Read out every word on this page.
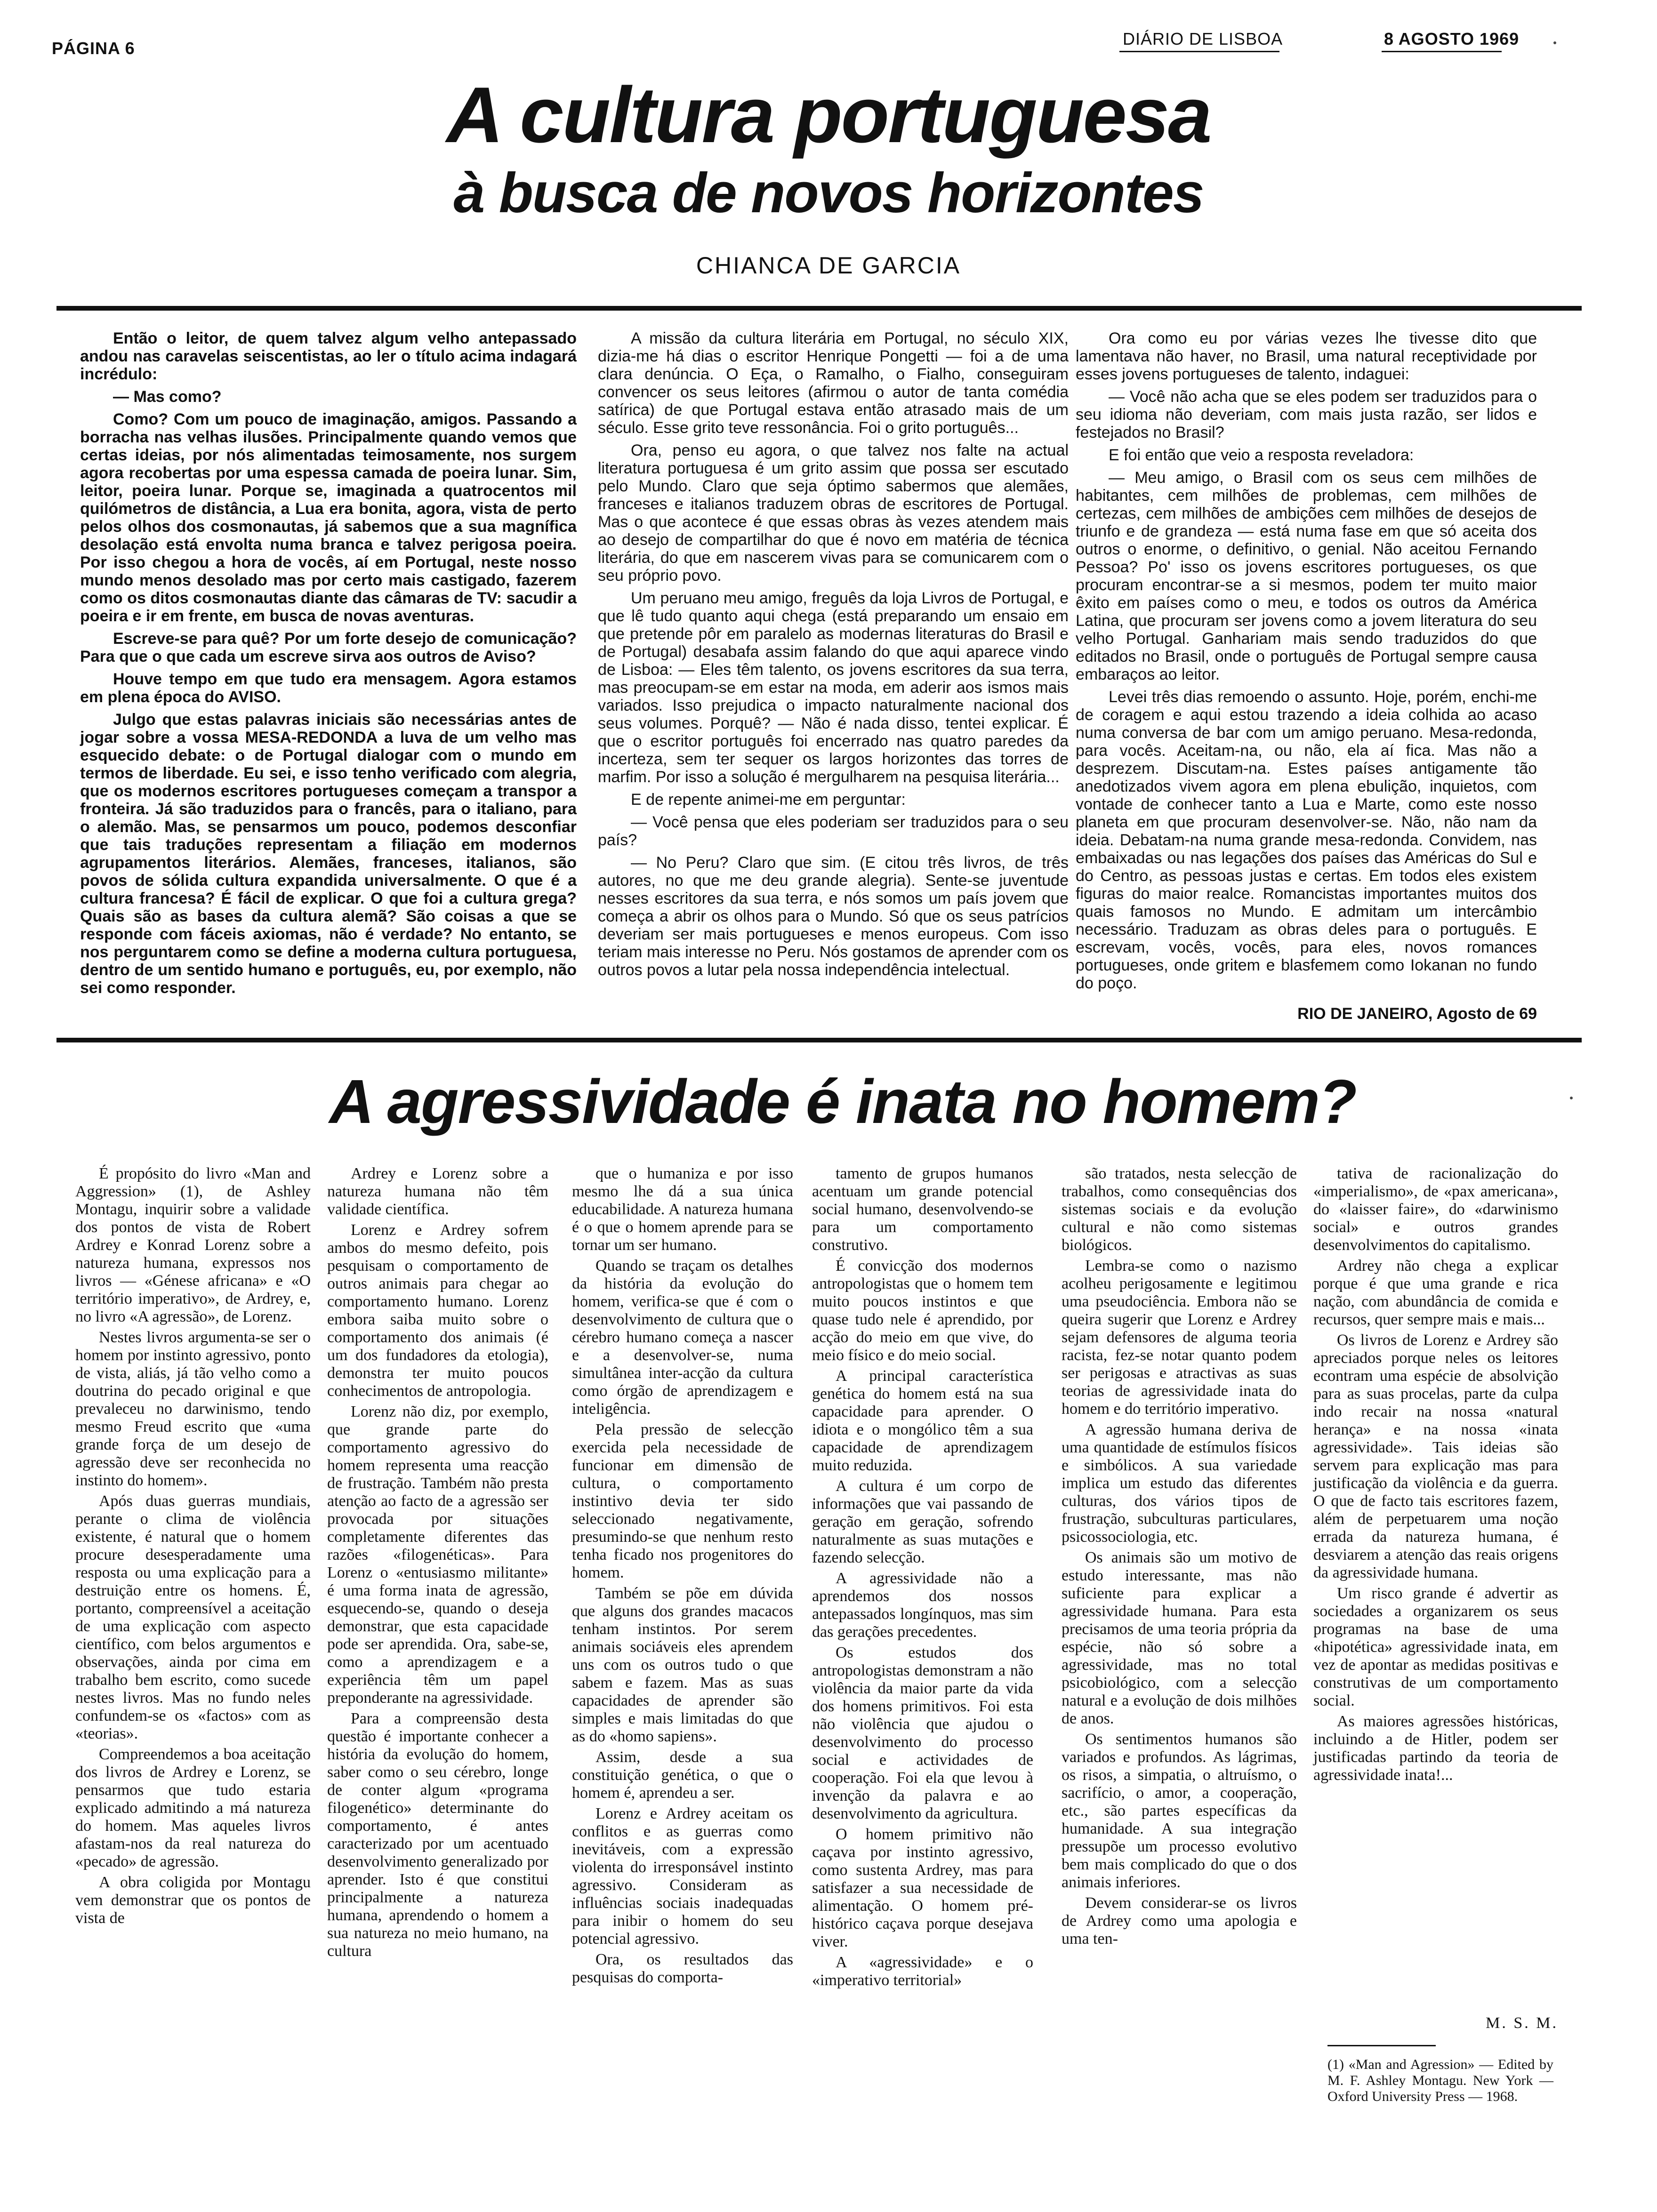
PÁGINA 6	DIÁRIO DE LISBOA	8 AGOSTO 1969
A cultura portuguesa
à busca de novos horizontes
CHIANCA DE GARCIA

Então o leitor, de quem talvez algum velho antepassado andou nas caravelas seiscentistas, ao ler o título acima indagará incrédulo:

— Mas como?

Como? Com um pouco de imaginação, amigos. Passando a borracha nas velhas ilusões. Principalmente quando vemos que certas ideias, por nós alimentadas teimosamente, nos surgem agora recobertas por uma espessa camada de poeira lunar. Sim, leitor, poeira lunar. Porque se, imaginada a quatrocentos mil quilómetros de distância, a Lua era bonita, agora, vista de perto pelos olhos dos cosmonautas, já sabemos que a sua magnífica desolação está envolta numa branca e talvez perigosa poeira. Por isso chegou a hora de vocês, aí em Portugal, neste nosso mundo menos desolado mas por certo mais castigado, fazerem como os ditos cosmonautas diante das câmaras de TV: sacudir a poeira e ir em frente, em busca de novas aventuras.

Escreve-se para quê? Por um forte desejo de comunicação? Para que o que cada um escreve sirva aos outros de Aviso?

Houve tempo em que tudo era mensagem. Agora estamos em plena época do AVISO.

Julgo que estas palavras iniciais são necessárias antes de jogar sobre a vossa MESA-REDONDA a luva de um velho mas esquecido debate: o de Portugal dialogar com o mundo em termos de liberdade. Eu sei, e isso tenho verificado com alegria, que os modernos escritores portugueses começam a transpor a fronteira. Já são traduzidos para o francês, para o italiano, para o alemão. Mas, se pensarmos um pouco, podemos desconfiar que tais traduções representam a filiação em modernos agrupamentos literários. Alemães, franceses, italianos, são povos de sólida cultura expandida universalmente. O que é a cultura francesa? É fácil de explicar. O que foi a cultura grega? Quais são as bases da cultura alemã? São coisas a que se responde com fáceis axiomas, não é verdade? No entanto, se nos perguntarem como se define a moderna cultura portuguesa, dentro de um sentido humano e português, eu, por exemplo, não sei como responder.

A missão da cultura literária em Portugal, no século XIX, dizia-me há dias o escritor Henrique Pongetti — foi a de uma clara denúncia. O Eça, o Ramalho, o Fialho, conseguiram convencer os seus leitores (afirmou o autor de tanta comédia satírica) de que Portugal estava então atrasado mais de um século. Esse grito teve ressonância. Foi o grito português...

Ora, penso eu agora, o que talvez nos falte na actual literatura portuguesa é um grito assim que possa ser escutado pelo Mundo. Claro que seja óptimo sabermos que alemães, franceses e italianos traduzem obras de escritores de Portugal. Mas o que acontece é que essas obras às vezes atendem mais ao desejo de compartilhar do que é novo em matéria de técnica literária, do que em nascerem vivas para se comunicarem com o seu próprio povo.

Um peruano meu amigo, freguês da loja Livros de Portugal, e que lê tudo quanto aqui chega (está preparando um ensaio em que pretende pôr em paralelo as modernas literaturas do Brasil e de Portugal) desabafa assim falando do que aqui aparece vindo de Lisboa: — Eles têm talento, os jovens escritores da sua terra, mas preocupam-se em estar na moda, em aderir aos ismos mais variados. Isso prejudica o impacto naturalmente nacional dos seus volumes. Porquê? — Não é nada disso, tentei explicar. É que o escritor português foi encerrado nas quatro paredes da incerteza, sem ter sequer os largos horizontes das torres de marfim. Por isso a solução é mergulharem na pesquisa literária...

E de repente animei-me em perguntar:

— Você pensa que eles poderiam ser traduzidos para o seu país?

— No Peru? Claro que sim. (E citou três livros, de três autores, no que me deu grande alegria). Sente-se juventude nesses escritores da sua terra, e nós somos um país jovem que começa a abrir os olhos para o Mundo. Só que os seus patrícios deveriam ser mais portugueses e menos europeus. Com isso teriam mais interesse no Peru. Nós gostamos de aprender com os outros povos a lutar pela nossa independência intelectual.

Ora como eu por várias vezes lhe tivesse dito que lamentava não haver, no Brasil, uma natural receptividade por esses jovens portugueses de talento, indaguei:

— Você não acha que se eles podem ser traduzidos para o seu idioma não deveriam, com mais justa razão, ser lidos e festejados no Brasil?

E foi então que veio a resposta reveladora:

— Meu amigo, o Brasil com os seus cem milhões de habitantes, cem milhões de problemas, cem milhões de certezas, cem milhões de ambições cem milhões de desejos de triunfo e de grandeza — está numa fase em que só aceita dos outros o enorme, o definitivo, o genial. Não aceitou Fernando Pessoa? Po' isso os jovens escritores portugueses, os que procuram encontrar-se a si mesmos, podem ter muito maior êxito em países como o meu, e todos os outros da América Latina, que procuram ser jovens como a jovem literatura do seu velho Portugal. Ganhariam mais sendo traduzidos do que editados no Brasil, onde o português de Portugal sempre causa embaraços ao leitor.

Levei três dias remoendo o assunto. Hoje, porém, enchi-me de coragem e aqui estou trazendo a ideia colhida ao acaso numa conversa de bar com um amigo peruano. Mesa-redonda, para vocês. Aceitam-na, ou não, ela aí fica. Mas não a desprezem. Discutam-na. Estes países antigamente tão anedotizados vivem agora em plena ebulição, inquietos, com vontade de conhecer tanto a Lua e Marte, como este nosso planeta em que procuram desenvolver-se. Não, não nam da ideia. Debatam-na numa grande mesa-redonda. Convidem, nas embaixadas ou nas legações dos países das Américas do Sul e do Centro, as pessoas justas e certas. Em todos eles existem figuras do maior realce. Romancistas importantes muitos dos quais famosos no Mundo. E admitam um intercâmbio necessário. Traduzam as obras deles para o português. E escrevam, vocês, vocês, para eles, novos romances portugueses, onde gritem e blasfemem como Iokanan no fundo do poço.

RIO DE JANEIRO, Agosto de 69
A agressividade é inata no homem?

É propósito do livro «Man and Aggression» (1), de Ashley Montagu, inquirir sobre a validade dos pontos de vista de Robert Ardrey e Konrad Lorenz sobre a natureza humana, expressos nos livros — «Génese africana» e «O território imperativo», de Ardrey, e, no livro «A agressão», de Lorenz.

Nestes livros argumenta-se ser o homem por instinto agressivo, ponto de vista, aliás, já tão velho como a doutrina do pecado original e que prevaleceu no darwinismo, tendo mesmo Freud escrito que «uma grande força de um desejo de agressão deve ser reconhecida no instinto do homem».

Após duas guerras mundiais, perante o clima de violência existente, é natural que o homem procure desesperadamente uma resposta ou uma explicação para a destruição entre os homens. É, portanto, compreensível a aceitação de uma explicação com aspecto científico, com belos argumentos e observações, ainda por cima em trabalho bem escrito, como sucede nestes livros. Mas no fundo neles confundem-se os «factos» com as «teorias».

Compreendemos a boa aceitação dos livros de Ardrey e Lorenz, se pensarmos que tudo estaria explicado admitindo a má natureza do homem. Mas aqueles livros afastam-nos da real natureza do «pecado» de agressão.

A obra coligida por Montagu vem demonstrar que os pontos de vista de

Ardrey e Lorenz sobre a natureza humana não têm validade científica.

Lorenz e Ardrey sofrem ambos do mesmo defeito, pois pesquisam o comportamento de outros animais para chegar ao comportamento humano. Lorenz embora saiba muito sobre o comportamento dos animais (é um dos fundadores da etologia), demonstra ter muito poucos conhecimentos de antropologia.

Lorenz não diz, por exemplo, que grande parte do comportamento agressivo do homem representa uma reacção de frustração. Também não presta atenção ao facto de a agressão ser provocada por situações completamente diferentes das razões «filogenéticas». Para Lorenz o «entusiasmo militante» é uma forma inata de agressão, esquecendo-se, quando o deseja demonstrar, que esta capacidade pode ser aprendida. Ora, sabe-se, como a aprendizagem e a experiência têm um papel preponderante na agressividade.

Para a compreensão desta questão é importante conhecer a história da evolução do homem, saber como o seu cérebro, longe de conter algum «programa filogenético» determinante do comportamento, é antes caracterizado por um acentuado desenvolvimento generalizado por aprender. Isto é que constitui principalmente a natureza humana, aprendendo o homem a sua natureza no meio humano, na cultura

que o humaniza e por isso mesmo lhe dá a sua única educabilidade. A natureza humana é o que o homem aprende para se tornar um ser humano.

Quando se traçam os detalhes da história da evolução do homem, verifica-se que é com o desenvolvimento de cultura que o cérebro humano começa a nascer e a desenvolver-se, numa simultânea inter-acção da cultura como órgão de aprendizagem e inteligência.

Pela pressão de selecção exercida pela necessidade de funcionar em dimensão de cultura, o comportamento instintivo devia ter sido seleccionado negativamente, presumindo-se que nenhum resto tenha ficado nos progenitores do homem.

Também se põe em dúvida que alguns dos grandes macacos tenham instintos. Por serem animais sociáveis eles aprendem uns com os outros tudo o que sabem e fazem. Mas as suas capacidades de aprender são simples e mais limitadas do que as do «homo sapiens».

Assim, desde a sua constituição genética, o que o homem é, aprendeu a ser.

Lorenz e Ardrey aceitam os conflitos e as guerras como inevitáveis, com a expressão violenta do irresponsável instinto agressivo. Consideram as influências sociais inadequadas para inibir o homem do seu potencial agressivo.

Ora, os resultados das pesquisas do comporta-

tamento de grupos humanos acentuam um grande potencial social humano, desenvolvendo-se para um comportamento construtivo.

É convicção dos modernos antropologistas que o homem tem muito poucos instintos e que quase tudo nele é aprendido, por acção do meio em que vive, do meio físico e do meio social.

A principal característica genética do homem está na sua capacidade para aprender. O idiota e o mongólico têm a sua capacidade de aprendizagem muito reduzida.

A cultura é um corpo de informações que vai passando de geração em geração, sofrendo naturalmente as suas mutações e fazendo selecção.

A agressividade não a aprendemos dos nossos antepassados longínquos, mas sim das gerações precedentes.

Os estudos dos antropologistas demonstram a não violência da maior parte da vida dos homens primitivos. Foi esta não violência que ajudou o desenvolvimento do processo social e actividades de cooperação. Foi ela que levou à invenção da palavra e ao desenvolvimento da agricultura.

O homem primitivo não caçava por instinto agressivo, como sustenta Ardrey, mas para satisfazer a sua necessidade de alimentação. O homem pré-histórico caçava porque desejava viver.

A «agressividade» e o «imperativo territorial»

são tratados, nesta selecção de trabalhos, como consequências dos sistemas sociais e da evolução cultural e não como sistemas biológicos.

Lembra-se como o nazismo acolheu perigosamente e legitimou uma pseudociência. Embora não se queira sugerir que Lorenz e Ardrey sejam defensores de alguma teoria racista, fez-se notar quanto podem ser perigosas e atractivas as suas teorias de agressividade inata do homem e do território imperativo.

A agressão humana deriva de uma quantidade de estímulos físicos e simbólicos. A sua variedade implica um estudo das diferentes culturas, dos vários tipos de frustração, subculturas particulares, psicossociologia, etc.

Os animais são um motivo de estudo interessante, mas não suficiente para explicar a agressividade humana. Para esta precisamos de uma teoria própria da espécie, não só sobre a agressividade, mas no total psicobiológico, com a selecção natural e a evolução de dois milhões de anos.

Os sentimentos humanos são variados e profundos. As lágrimas, os risos, a simpatia, o altruísmo, o sacrifício, o amor, a cooperação, etc., são partes específicas da humanidade. A sua integração pressupõe um processo evolutivo bem mais complicado do que o dos animais inferiores.

Devem considerar-se os livros de Ardrey como uma apologia e uma ten-

tativa de racionalização do «imperialismo», de «pax americana», do «laisser faire», do «darwinismo social» e outros grandes desenvolvimentos do capitalismo.

Ardrey não chega a explicar porque é que uma grande e rica nação, com abundância de comida e recursos, quer sempre mais e mais...

Os livros de Lorenz e Ardrey são apreciados porque neles os leitores econtram uma espécie de absolvição para as suas procelas, parte da culpa indo recair na nossa «natural herança» e na nossa «inata agressividade». Tais ideias são servem para explicação mas para justificação da violência e da guerra. O que de facto tais escritores fazem, além de perpetuarem uma noção errada da natureza humana, é desviarem a atenção das reais origens da agressividade humana.

Um risco grande é advertir as sociedades a organizarem os seus programas na base de uma «hipotética» agressividade inata, em vez de apontar as medidas positivas e construtivas de um comportamento social.

As maiores agressões históricas, incluindo a de Hitler, podem ser justificadas partindo da teoria de agressividade inata!...

M. S. M.
(1) «Man and Agression» — Edited by M. F. Ashley Montagu. New York — Oxford University Press — 1968.
